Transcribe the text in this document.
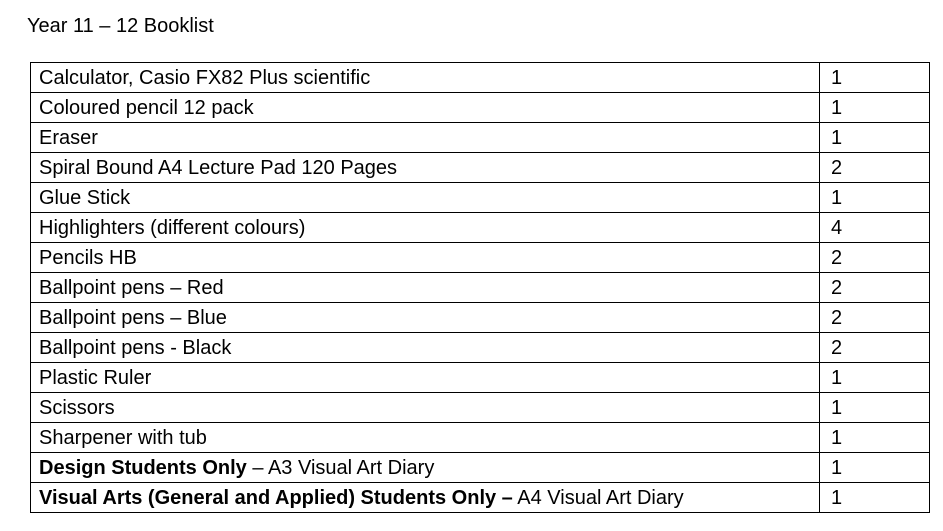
Year 11 – 12 Booklist
Calculator, Casio FX82 Plus scientific	1
Coloured pencil 12 pack	1
Eraser	1
Spiral Bound A4 Lecture Pad 120 Pages	2
Glue Stick	1
Highlighters (different colours)	4
Pencils HB	2
Ballpoint pens – Red	2
Ballpoint pens – Blue	2
Ballpoint pens - Black	2
Plastic Ruler	1
Scissors	1
Sharpener with tub	1
Design Students Only – A3 Visual Art Diary	1
Visual Arts (General and Applied) Students Only – A4 Visual Art Diary	1
